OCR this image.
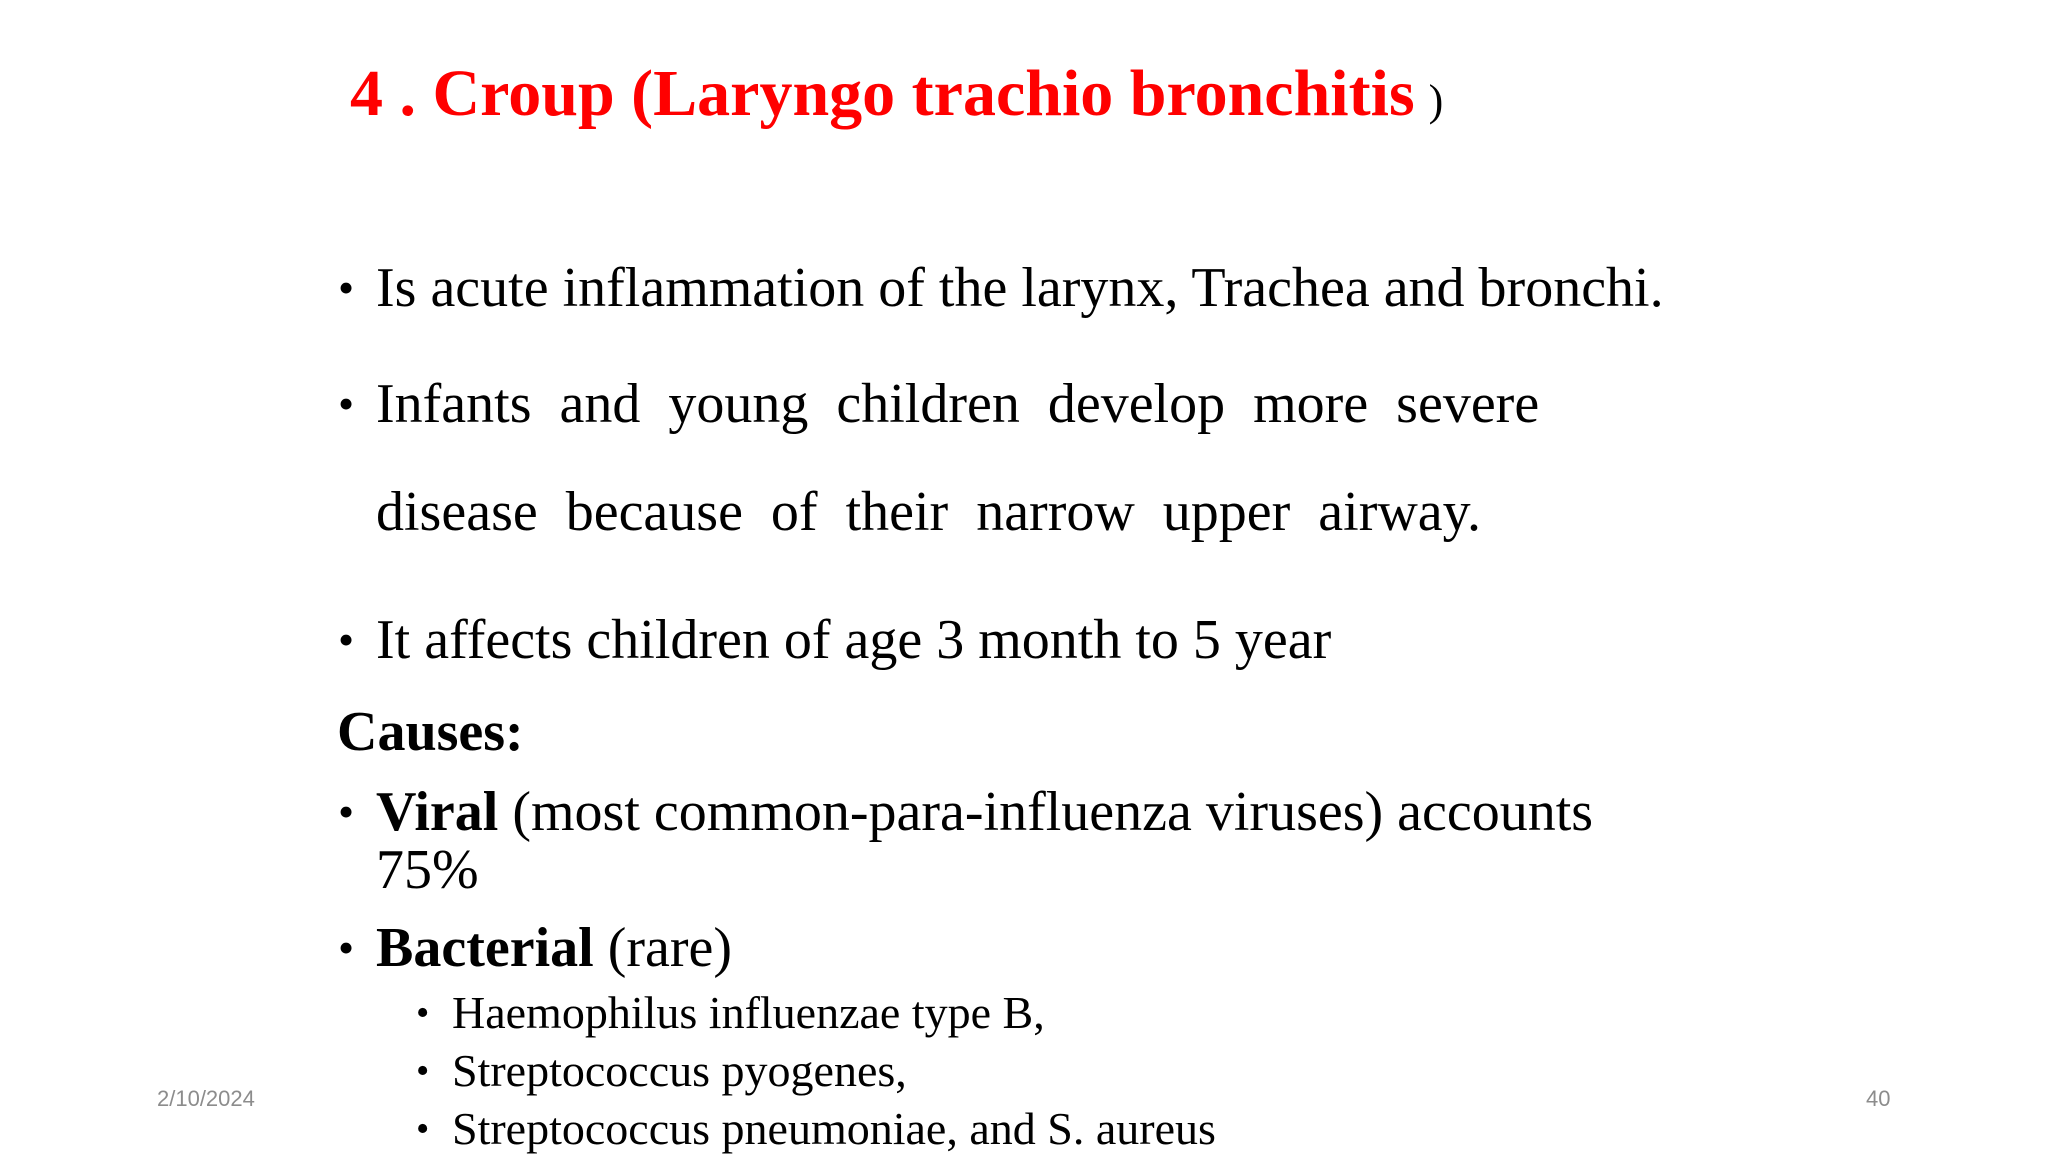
4 . Croup (Laryngo trachio bronchitis )
• Is acute inflammation of the larynx, Trachea and bronchi.
• Infants and young children develop more severe
disease because of their narrow upper airway.
• It affects children of age 3 month to 5 year
Causes:
• Viral (most common-para-influenza viruses) accounts
75%
• Bacterial (rare)
• Haemophilus influenzae type B,
• Streptococcus pyogenes,
• Streptococcus pneumoniae, and S. aureus
2/10/2024	40
